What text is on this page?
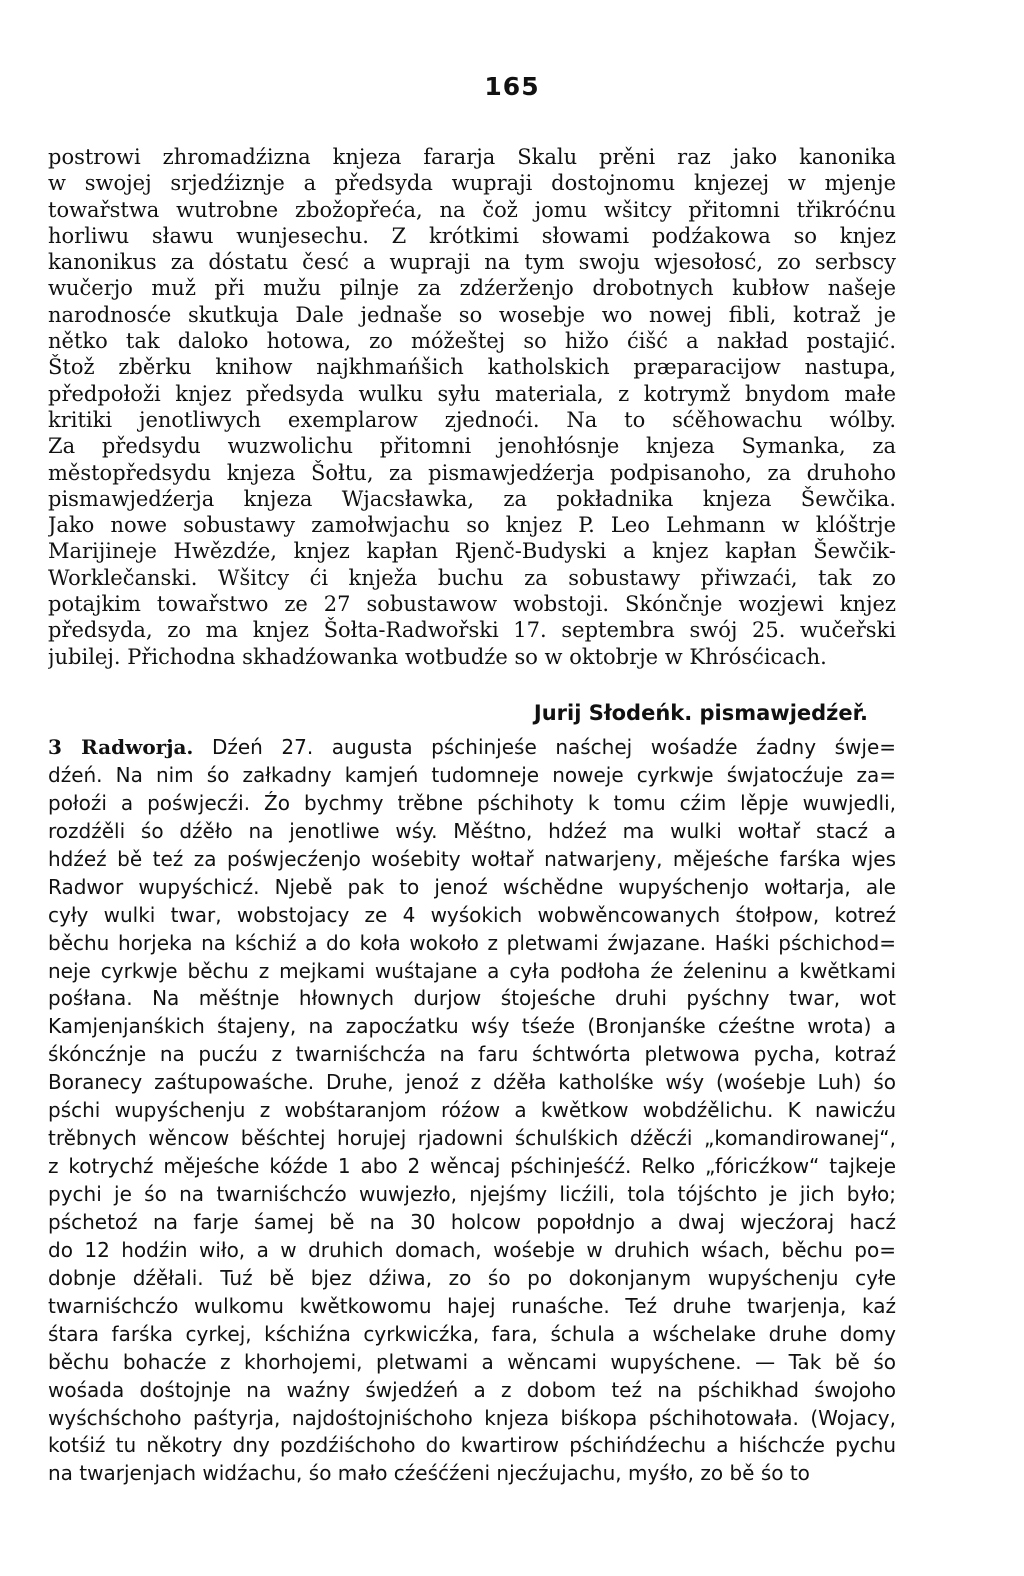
165
postrowi zhromadźizna knjeza fararja Skalu prěni raz jako kanonika
w swojej srjedźiznje a předsyda wupraji dostojnomu knjezej w mjenje
towařstwa wutrobne zbožopřeća, na čož jomu wšitcy přitomni třikróćnu
horliwu sławu wunjesechu. Z krótkimi słowami podźakowa so knjez
kanonikus za dóstatu česć a wupraji na tym swoju wjesołosć, zo serbscy
wučerjo muž při mužu pilnje za zdźerženjo drobotnych kubłow našeje
narodnosće skutkuja Dale jednaše so wosebje wo nowej fibli, kotraž je
nětko tak daloko hotowa, zo móžeštej so hižo ćišć a nakład postajić.
Štož zběrku knihow najkhmańšich katholskich præparacijow nastupa,
předpołoži knjez předsyda wulku syłu materiala, z kotrymž bnydom małe
kritiki jenotliwych exemplarow zjednoći. Na to sćěhowachu wólby.
Za předsydu wuzwolichu přitomni jenohłósnje knjeza Symanka, za
městopředsydu knjeza Šołtu, za pismawjedźerja podpisanoho, za druhoho
pismawjedźerja knjeza Wjacsławka, za pokładnika knjeza Šewčika.
Jako nowe sobustawy zamołwjachu so knjez P. Leo Lehmann w klóštrje
Marijineje Hwězdźe, knjez kapłan Rjenč-Budyski a knjez kapłan Šewčik-
Worklečanski. Wšitcy ći knježa buchu za sobustawy přiwzaći, tak zo
potajkim towařstwo ze 27 sobustawow wobstoji. Skónčnje wozjewi knjez
předsyda, zo ma knjez Šołta-Radwořski 17. septembra swój 25. wučeřski
jubilej. Přichodna skhadźowanka wotbudźe so w oktobrje w Khrósćicach.
Jurij Słodeńk. pismawjedźeř.
3 Radworja. Dźeń 27. augusta pśchinjeśe naśchej wośadźe źadny śwje=
dźeń. Na nim śo załkadny kamjeń tudomneje noweje cyrkwje śwjatocźuje za=
połoźi a pośwjecźi. Źo bychmy trěbne pśchihoty k tomu cźim lěpje wuwjedli,
rozdźěli śo dźěło na jenotliwe wśy. Měśtno, hdźeź ma wulki wołtař stacź a
hdźeź bě teź za pośwjecźenjo wośebity wołtař natwarjeny, mějeśche farśka wjes
Radwor wupyśchicź. Njebě pak to jenoź wśchědne wupyśchenjo wołtarja, ale
cyły wulki twar, wobstojacy ze 4 wyśokich wobwěncowanych śtołpow, kotreź
běchu horjeka na kśchiź a do koła wokoło z pletwami źwjazane. Haśki pśchichod=
neje cyrkwje běchu z mejkami wuśtajane a cyła podłoha źe źeleninu a kwětkami
pośłana. Na měśtnje hłownych durjow śtojeśche druhi pyśchny twar, wot
Kamjenjanśkich śtajeny, na zapocźatku wśy tśeźe (Bronjanśke cźeśtne wrota) a
śkóncźnje na pucźu z twarniśchcźa na faru śchtwórta pletwowa pycha, kotraź
Boranecy zaśtupowaśche. Druhe, jenoź z dźěła katholśke wśy (wośebje Luh) śo
pśchi wupyśchenju z wobśtaranjom róźow a kwětkow wobdźělichu. K nawicźu
trěbnych wěncow běśchtej horujej rjadowni śchulśkich dźěcźi „komandirowanej“,
z kotrychź mějeśche kóźde 1 abo 2 wěncaj pśchinjeśćź. Relko „fóricźkow“ tajkeje
pychi je śo na twarniśchcźo wuwjezło, njejśmy licźili, tola tójśchto je jich było;
pśchetoź na farje śamej bě na 30 holcow popołdnjo a dwaj wjecźoraj hacź
do 12 hodźin wiło, a w druhich domach, wośebje w druhich wśach, běchu po=
dobnje dźěłali. Tuź bě bjez dźiwa, zo śo po dokonjanym wupyśchenju cyłe
twarniśchcźo wulkomu kwětkowomu hajej runaśche. Teź druhe twarjenja, kaź
śtara farśka cyrkej, kśchiźna cyrkwicźka, fara, śchula a wśchelake druhe domy
běchu bohacźe z khorhojemi, pletwami a wěncami wupyśchene. — Tak bě śo
wośada dośtojnje na waźny śwjedźeń a z dobom teź na pśchikhad śwojoho
wyśchśchoho paśtyrja, najdośtojniśchoho knjeza biśkopa pśchihotowała. (Wojacy,
kotśiź tu někotry dny pozdźiśchoho do kwartirow pśchińdźechu a hiśchcźe pychu
na twarjenjach widźachu, śo mało cźeśćźeni njecźujachu, myśło, zo bě śo to
